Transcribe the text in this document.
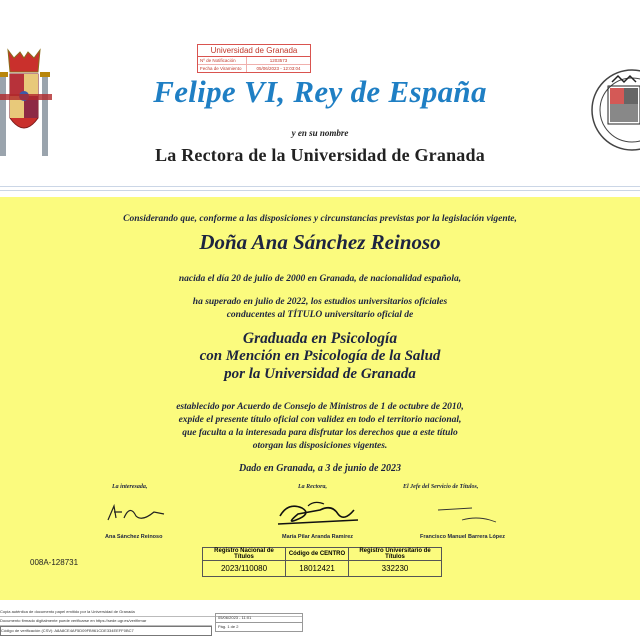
Universidad de Granada
Nº de Notificación	1203573
Fecha de Viramiento	05/06/2023 - 12:03:04
Felipe VI, Rey de España
y en su nombre
La Rectora de la Universidad de Granada
Considerando que, conforme a las disposiciones y circunstancias previstas por la legislación vigente,
Doña Ana Sánchez Reinoso
nacida el día 20 de julio de 2000 en Granada, de nacionalidad española,
ha superado en julio de 2022, los estudios universitarios oficiales
conducentes al TÍTULO universitario oficial de
Graduada en Psicología
con Mención en Psicología de la Salud
por la Universidad de Granada
establecido por Acuerdo de Consejo de Ministros de 1 de octubre de 2010,
expide el presente título oficial con validez en todo el territorio nacional,
que faculta a la interesada para disfrutar los derechos que a este título
otorgan las disposiciones vigentes.
Dado en Granada, a 3 de junio de 2023
La interesada,	La Rectora,	El Jefe del Servicio de Títulos,
Ana Sánchez Reinoso	María Pilar Aranda Ramírez	Francisco Manuel Barrera López
008A-128731
Registro Nacional de Títulos	Código de CENTRO	Registro Universitario de Títulos
2023/110080	18012421	332230
Copia auténtica de documento papel emitido por la Universidad de Granada
Documento firmado digitalmente puede verificarse en https://sede.ugr.es/verifirmar
Código de verificación (CSV): A8A8CE4AF5D09FB961CDE334EEFF0BC7
05/06/2023 - 11:01
Pág. 1 de 2
